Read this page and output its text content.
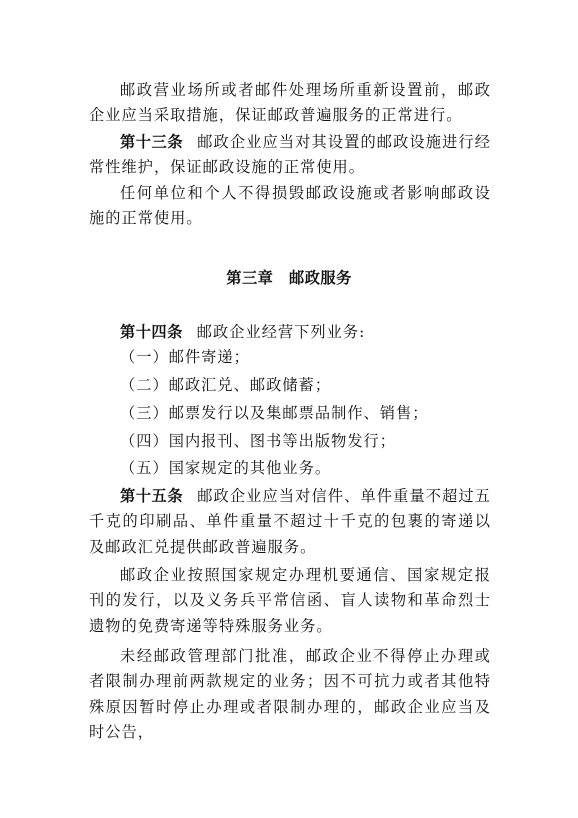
邮政营业场所或者邮件处理场所重新设置前，邮政企业应当采取措施，保证邮政普遍服务的正常进行。

第十三条 邮政企业应当对其设置的邮政设施进行经常性维护，保证邮政设施的正常使用。

任何单位和个人不得损毁邮政设施或者影响邮政设施的正常使用。

第三章　邮政服务

第十四条 邮政企业经营下列业务:

（一）邮件寄递；

（二）邮政汇兑、邮政储蓄；

（三）邮票发行以及集邮票品制作、销售；

（四）国内报刊、图书等出版物发行；

（五）国家规定的其他业务。

第十五条 邮政企业应当对信件、单件重量不超过五千克的印刷品、单件重量不超过十千克的包裹的寄递以及邮政汇兑提供邮政普遍服务。

邮政企业按照国家规定办理机要通信、国家规定报刊的发行，以及义务兵平常信函、盲人读物和革命烈士遗物的免费寄递等特殊服务业务。

未经邮政管理部门批准，邮政企业不得停止办理或者限制办理前两款规定的业务；因不可抗力或者其他特殊原因暂时停止办理或者限制办理的，邮政企业应当及时公告，
